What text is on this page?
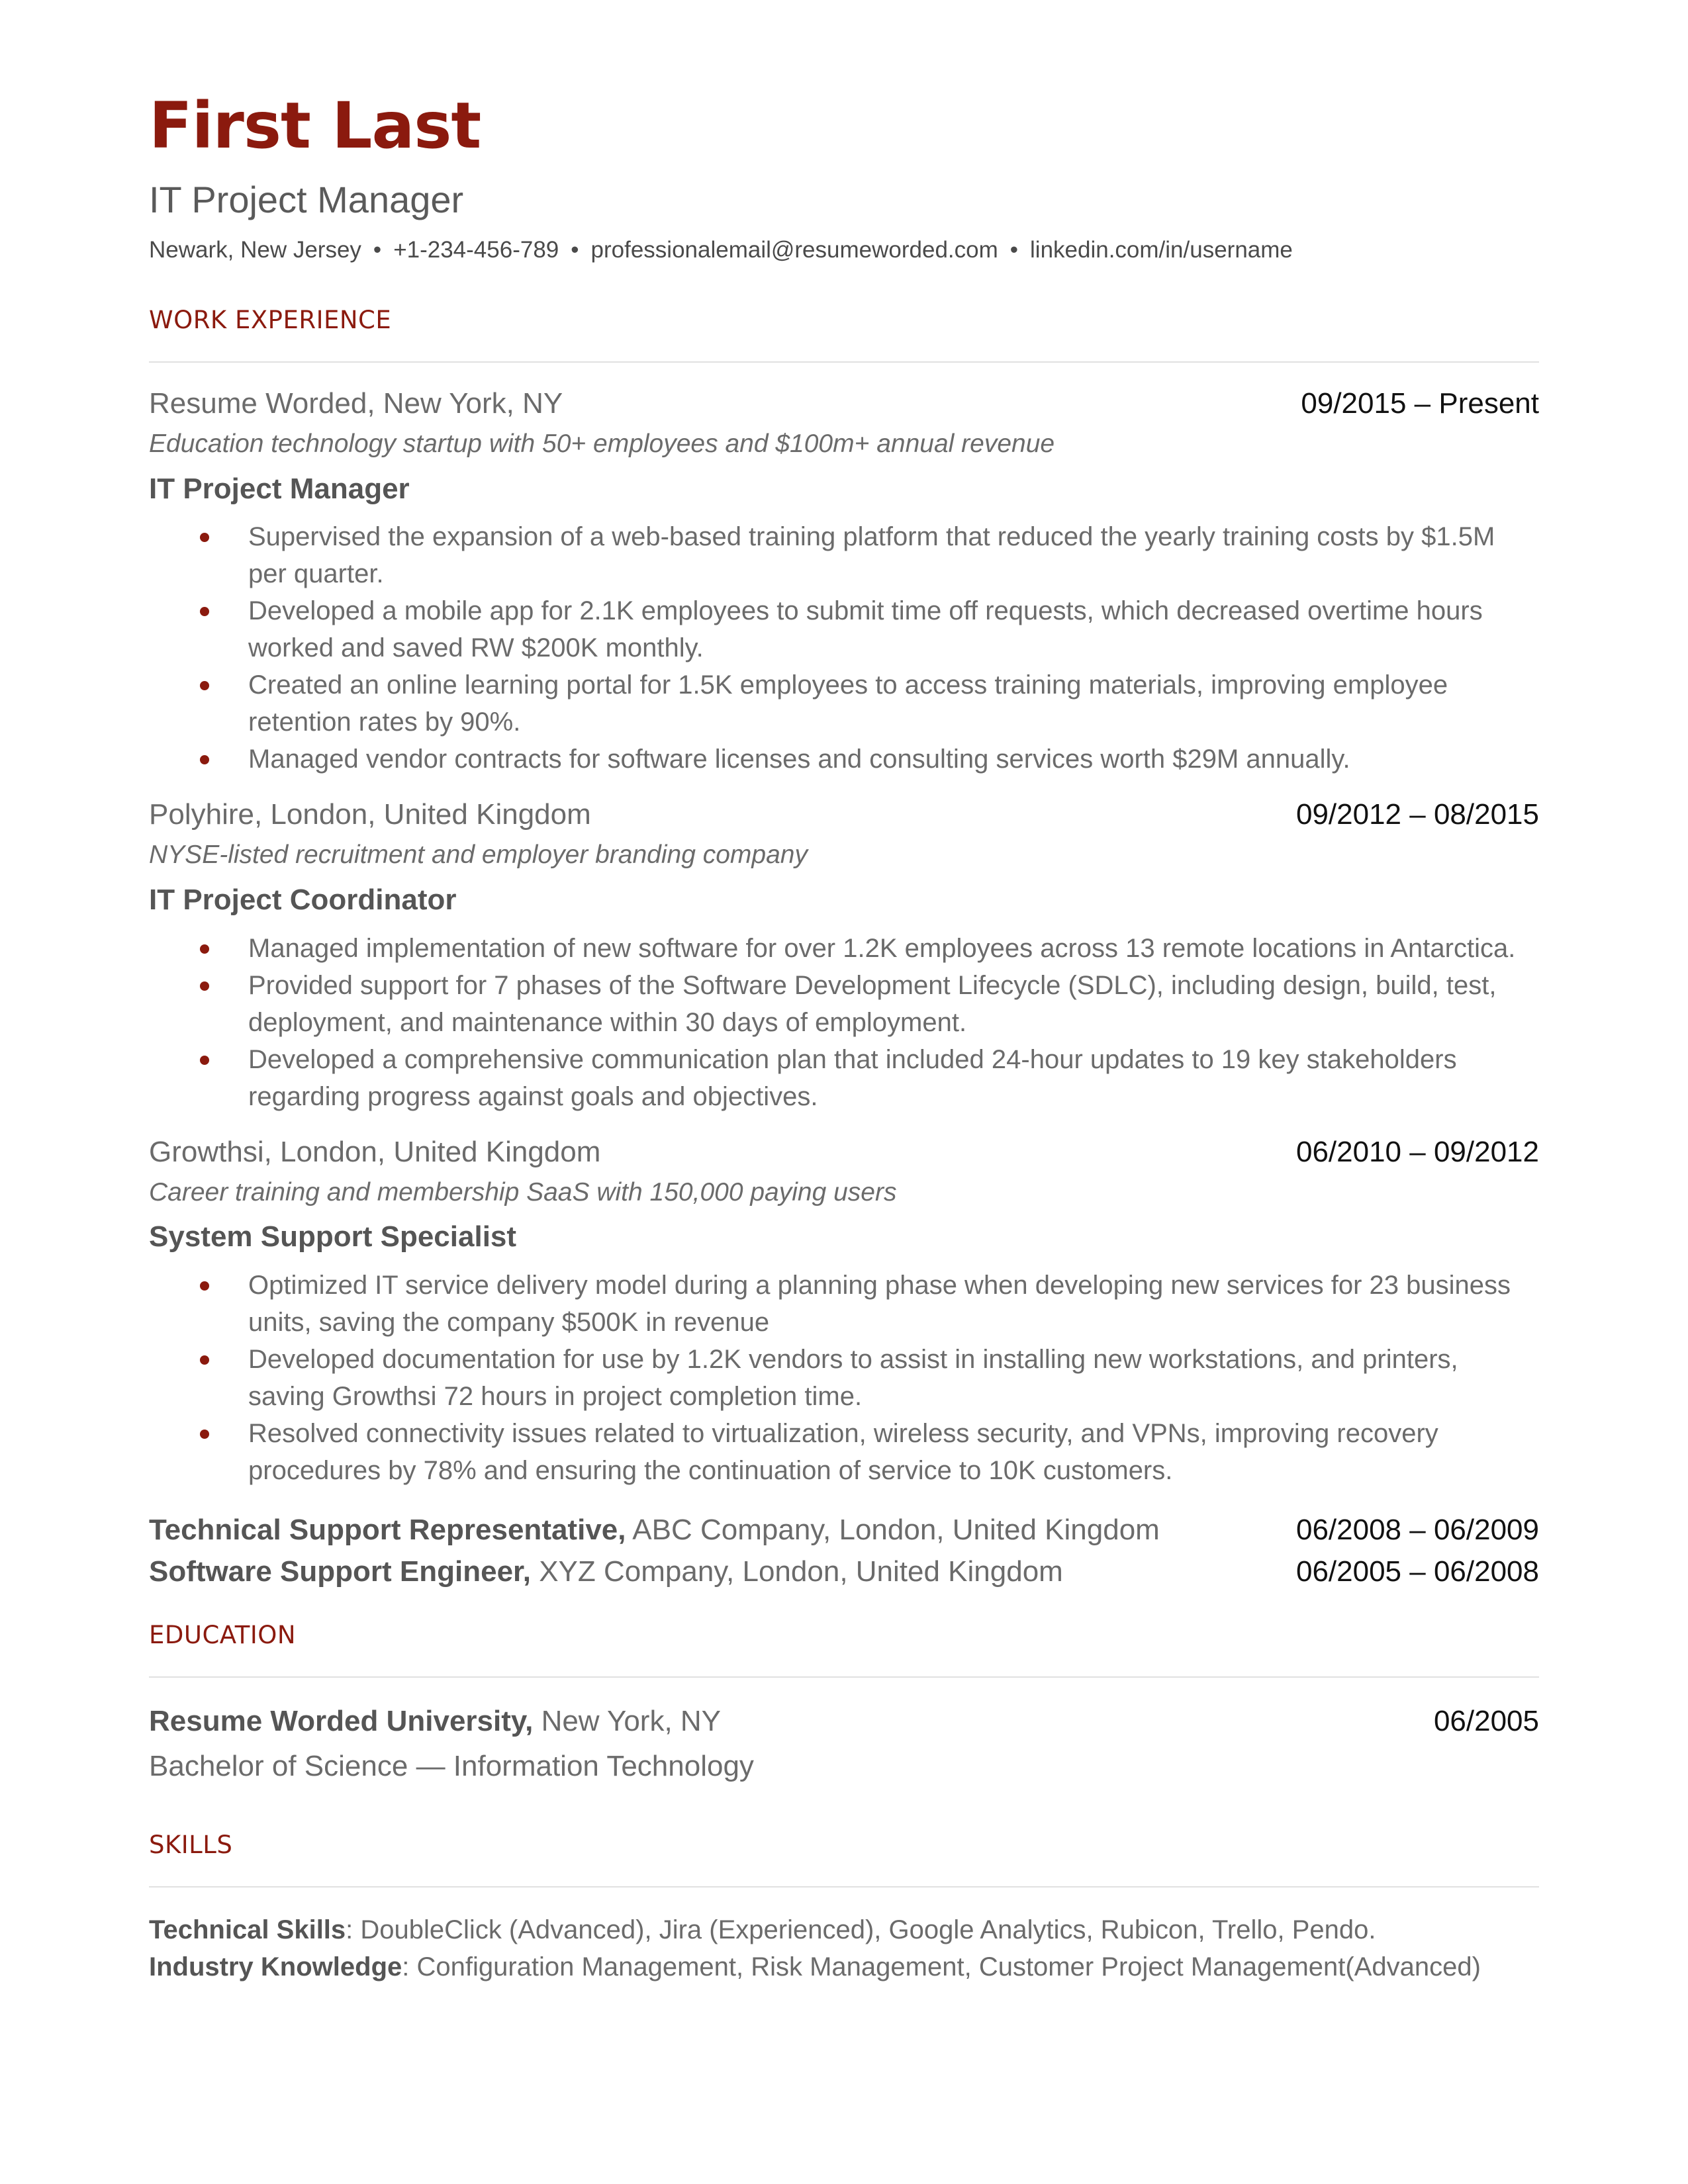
First Last
IT Project Manager
Newark, New Jersey • +1-234-456-789 • professionalemail@resumeworded.com • linkedin.com/in/username
WORK EXPERIENCE
Resume Worded, New York, NY	09/2015 – Present
Education technology startup with 50+ employees and $100m+ annual revenue
IT Project Manager
Supervised the expansion of a web-based training platform that reduced the yearly training costs by $1.5M per quarter.
Developed a mobile app for 2.1K employees to submit time off requests, which decreased overtime hours worked and saved RW $200K monthly.
Created an online learning portal for 1.5K employees to access training materials, improving employee retention rates by 90%.
Managed vendor contracts for software licenses and consulting services worth $29M annually.
Polyhire, London, United Kingdom	09/2012 – 08/2015
NYSE-listed recruitment and employer branding company
IT Project Coordinator
Managed implementation of new software for over 1.2K employees across 13 remote locations in Antarctica.
Provided support for 7 phases of the Software Development Lifecycle (SDLC), including design, build, test, deployment, and maintenance within 30 days of employment.
Developed a comprehensive communication plan that included 24-hour updates to 19 key stakeholders regarding progress against goals and objectives.
Growthsi, London, United Kingdom	06/2010 – 09/2012
Career training and membership SaaS with 150,000 paying users
System Support Specialist
Optimized IT service delivery model during a planning phase when developing new services for 23 business units, saving the company $500K in revenue
Developed documentation for use by 1.2K vendors to assist in installing new workstations, and printers, saving Growthsi 72 hours in project completion time.
Resolved connectivity issues related to virtualization, wireless security, and VPNs, improving recovery procedures by 78% and ensuring the continuation of service to 10K customers.
Technical Support Representative, ABC Company, London, United Kingdom	06/2008 – 06/2009
Software Support Engineer, XYZ Company, London, United Kingdom	06/2005 – 06/2008
EDUCATION
Resume Worded University, New York, NY	06/2005
Bachelor of Science — Information Technology
SKILLS
Technical Skills: DoubleClick (Advanced), Jira (Experienced), Google Analytics, Rubicon, Trello, Pendo.
Industry Knowledge: Configuration Management, Risk Management, Customer Project Management(Advanced)
